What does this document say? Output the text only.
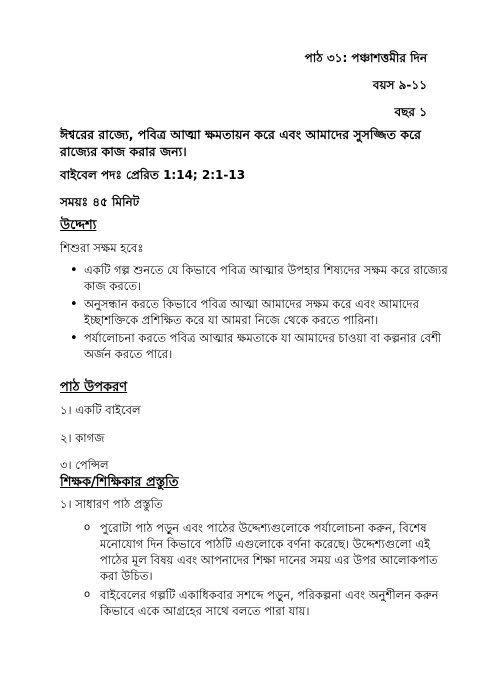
পাঠ ৩১: পঞ্চাশত্তমীর দিন
বয়স ৯-১১
বছর ১
ঈশ্বরের রাজ্যে, পবিত্র আত্মা ক্ষমতায়ন করে এবং আমাদের সুসজ্জিত করে রাজ্যের কাজ করার জন্য।
বাইবেল পদঃ প্রেরিত 1:14; 2:1-13
সময়ঃ ৪৫ মিনিট
উদ্দেশ্য
শিশুরা সক্ষম হবেঃ
• একটি গল্প শুনতে যে কিভাবে পবিত্র আত্মার উপহার শিষ্যদের সক্ষম করে রাজ্যের কাজ করতে।
• অনুসন্ধান করতে কিভাবে পবিত্র আত্মা আমাদের সক্ষম করে এবং আমাদের ইচ্ছাশক্তিকে প্রশিক্ষিত করে যা আমরা নিজে থেকে করতে পারিনা।
• পর্যালোচনা করতে পবিত্র আত্মার ক্ষমতাকে যা আমাদের চাওয়া বা কল্পনার বেশী অর্জন করতে পারে।
পাঠ উপকরণ
১। একটি বাইবেল
২। কাগজ
৩। পেন্সিল
শিক্ষক/শিক্ষিকার প্রস্তুতি
১। সাধারণ পাঠ প্রস্তুতি
o পুরোটা পাঠ পড়ুন এবং পাঠের উদ্দেশ্যগুলোকে পর্যালোচনা করুন, বিশেষ মনোযোগ দিন কিভাবে পাঠটি এগুলোকে বর্ণনা করেছে। উদ্দেশ্যগুলো এই পাঠের মূল বিষয় এবং আপনাদের শিক্ষা দানের সময় এর উপর আলোকপাত করা উচিত।
o বাইবেলের গল্পটি একাধিকবার সশব্দে পড়ুন, পরিকল্পনা এবং অনুশীলন করুন কিভাবে একে আগ্রহের সাথে বলতে পারা যায়।
